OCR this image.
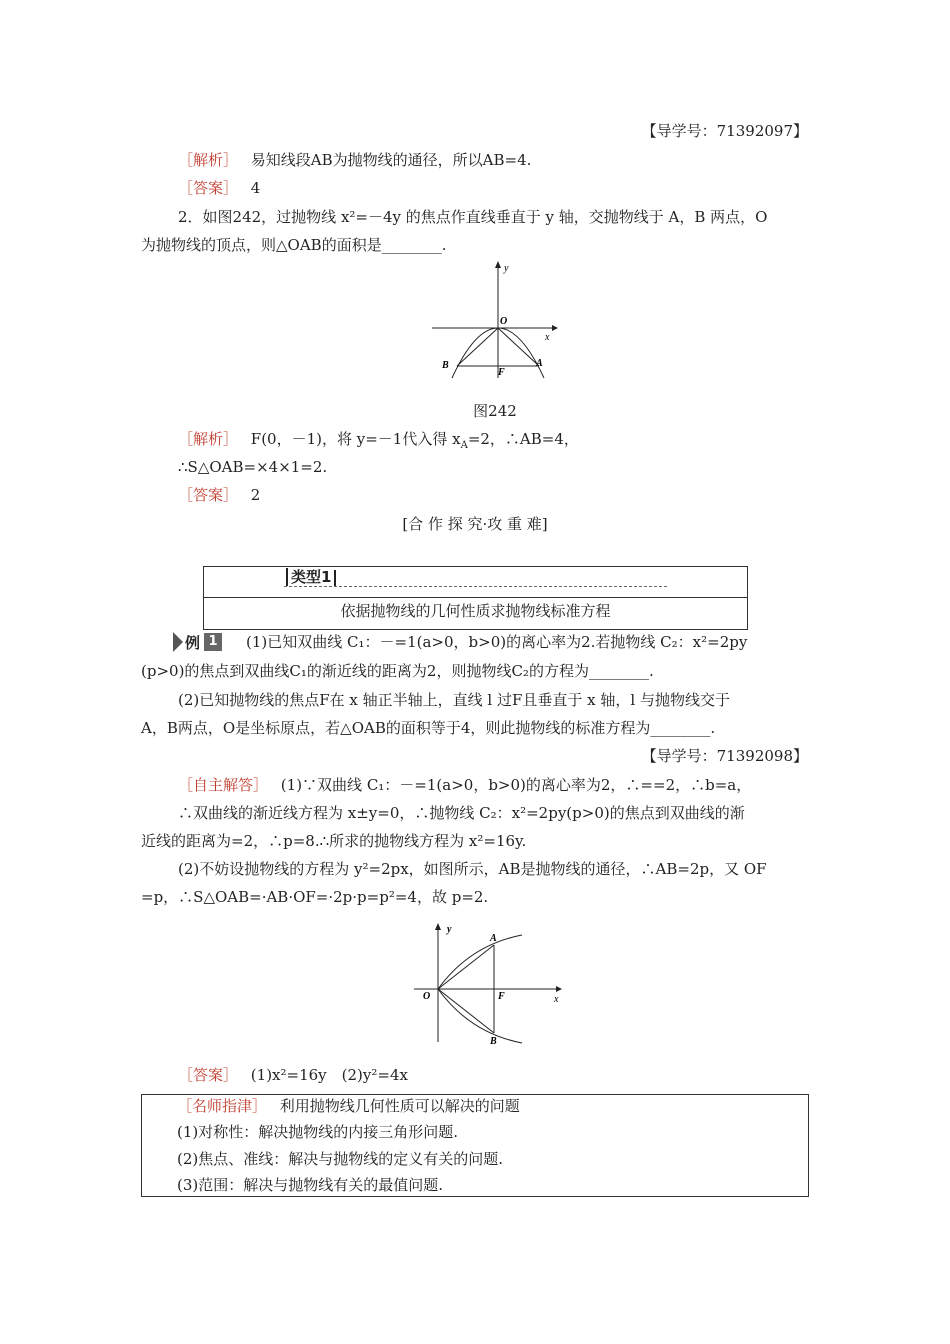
【导学号：71392097】
［解析］ 易知线段AB为抛物线的通径，所以AB=4.
［答案］ 4
2．如图242，过抛物线 x²=－4y 的焦点作直线垂直于 y 轴，交抛物线于 A，B 两点，O
为抛物线的顶点，则△OAB的面积是________.
y
O
x
B
F
A
图242
［解析］ F(0，－1)，将 y=－1代入得 $x_A=2$，∴AB=4，
∴S△OAB=×4×1=2.
［答案］ 2
[合 作 探 究·攻 重 难]
类型1
依据抛物线的几何性质求抛物线标准方程
例 1 (1)已知双曲线 C₁：－=1(a>0，b>0)的离心率为2.若抛物线 C₂：x²=2py
(p>0)的焦点到双曲线C₁的渐近线的距离为2，则抛物线C₂的方程为________.
(2)已知抛物线的焦点F在 x 轴正半轴上，直线 l 过F且垂直于 x 轴，l 与抛物线交于
A，B两点，O是坐标原点，若△OAB的面积等于4，则此抛物线的标准方程为________.
【导学号：71392098】
［自主解答］ (1)∵双曲线 C₁：－=1(a>0，b>0)的离心率为2，∴==2，∴b=a，
∴双曲线的渐近线方程为 x±y=0，∴抛物线 C₂：x²=2py(p>0)的焦点到双曲线的渐
近线的距离为=2，∴p=8.∴所求的抛物线方程为 x²=16y.
(2)不妨设抛物线的方程为 y²=2px，如图所示，AB是抛物线的通径，∴AB=2p，又 OF
=p，∴S△OAB=·AB·OF=·2p·p=p²=4，故 p=2.
y
A
O	F	x
B
［答案］ (1)x²=16y　(2)y²=4x
［名师指津］ 利用抛物线几何性质可以解决的问题
(1)对称性：解决抛物线的内接三角形问题.
(2)焦点、准线：解决与抛物线的定义有关的问题.
(3)范围：解决与抛物线有关的最值问题.
